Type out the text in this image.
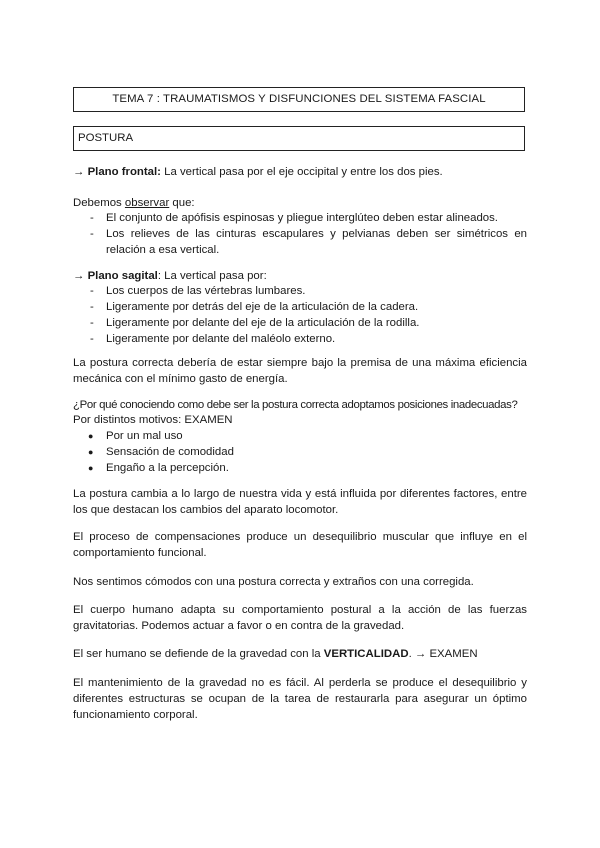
TEMA 7 : TRAUMATISMOS Y DISFUNCIONES DEL SISTEMA FASCIAL
POSTURA

→ Plano frontal: La vertical pasa por el eje occipital y entre los dos pies.

Debemos observar que:

- El conjunto de apófisis espinosas y pliegue interglúteo deben estar alineados.
- Los relieves de las cinturas escapulares y pelvianas deben ser simétricos en relación a esa vertical.

→ Plano sagital: La vertical pasa por:

- Los cuerpos de las vértebras lumbares.
- Ligeramente por detrás del eje de la articulación de la cadera.
- Ligeramente por delante del eje de la articulación de la rodilla.
- Ligeramente por delante del maléolo externo.

La postura correcta debería de estar siempre bajo la premisa de una máxima eficiencia mecánica con el mínimo gasto de energía.

¿Por qué conociendo como debe ser la postura correcta adoptamos posiciones inadecuadas?

Por distintos motivos: EXAMEN

● Por un mal uso
● Sensación de comodidad
● Engaño a la percepción.

La postura cambia a lo largo de nuestra vida y está influida por diferentes factores, entre los que destacan los cambios del aparato locomotor.

El proceso de compensaciones produce un desequilibrio muscular que influye en el comportamiento funcional.

Nos sentimos cómodos con una postura correcta y extraños con una corregida.

El cuerpo humano adapta su comportamiento postural a la acción de las fuerzas gravitatorias. Podemos actuar a favor o en contra de la gravedad.

El ser humano se defiende de la gravedad con la VERTICALIDAD. → EXAMEN

El mantenimiento de la gravedad no es fácil. Al perderla se produce el desequilibrio y diferentes estructuras se ocupan de la tarea de restaurarla para asegurar un óptimo funcionamiento corporal.
